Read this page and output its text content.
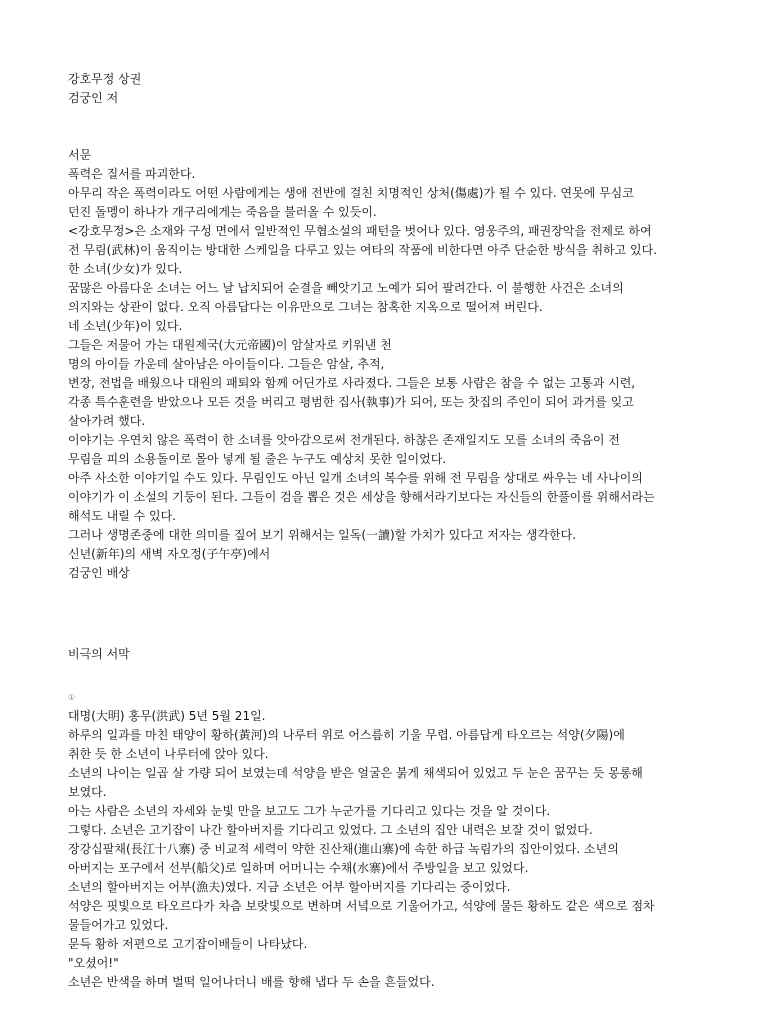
강호무정 상권

검궁인 저

서문

폭력은 질서를 파괴한다.

아무리 작은 폭력이라도 어떤 사람에게는 생애 전반에 걸친 치명적인 상처(傷處)가 될 수 있다. 연못에 무심코

던진 돌멩이 하나가 개구리에게는 죽음을 불러올 수 있듯이.

<강호무정>은 소재와 구성 면에서 일반적인 무협소설의 패턴을 벗어나 있다. 영웅주의, 패권장악을 전제로 하여

전 무림(武林)이 움직이는 방대한 스케일을 다루고 있는 여타의 작품에 비한다면 아주 단순한 방식을 취하고 있다.

한 소녀(少女)가 있다.

꿈많은 아름다운 소녀는 어느 날 납치되어 순결을 빼앗기고 노예가 되어 팔려간다. 이 불행한 사건은 소녀의

의지와는 상관이 없다. 오직 아름답다는 이유만으로 그녀는 참혹한 지옥으로 떨어져 버린다.

네 소년(少年)이 있다.

그들은 저물어 가는 대원제국(大元帝國)이 암살자로 키워낸 천

명의 아이들 가운데 살아남은 아이들이다. 그들은 암살, 추적,

변장, 전법을 배웠으나 대원의 패퇴와 함께 어딘가로 사라졌다. 그들은 보통 사람은 참을 수 없는 고통과 시련,

각종 특수훈련을 받았으나 모든 것을 버리고 평범한 집사(執事)가 되어, 또는 찻집의 주인이 되어 과거를 잊고

살아가려 했다.

이야기는 우연치 않은 폭력이 한 소녀를 앗아감으로써 전개된다. 하찮은 존재일지도 모를 소녀의 죽음이 전

무림을 피의 소용돌이로 몰아 넣게 될 줄은 누구도 예상치 못한 일이었다.

아주 사소한 이야기일 수도 있다. 무림인도 아닌 일개 소녀의 복수를 위해 전 무림을 상대로 싸우는 네 사나이의

이야기가 이 소설의 기둥이 된다. 그들이 검을 뽑은 것은 세상을 향해서라기보다는 자신들의 한풀이를 위해서라는

해석도 내릴 수 있다.

그러나 생명존중에 대한 의미를 짚어 보기 위해서는 일독(一讀)할 가치가 있다고 저자는 생각한다.

신년(新年)의 새벽 자오정(子午亭)에서

검궁인 배상

비극의 서막

①

대명(大明) 홍무(洪武) 5년 5월 21일.

하루의 일과를 마친 태양이 황하(黃河)의 나루터 위로 어스름히 기울 무렵. 아름답게 타오르는 석양(夕陽)에

취한 듯 한 소년이 나루터에 앉아 있다.

소년의 나이는 일곱 살 가량 되어 보였는데 석양을 받은 얼굴은 붉게 채색되어 있었고 두 눈은 꿈꾸는 듯 몽롱해

보였다.

아는 사람은 소년의 자세와 눈빛 만을 보고도 그가 누군가를 기다리고 있다는 것을 알 것이다.

그렇다. 소년은 고기잡이 나간 할아버지를 기다리고 있었다. 그 소년의 집안 내력은 보잘 것이 없었다.

장강십팔채(長江十八寨) 중 비교적 세력이 약한 진산채(進山寨)에 속한 하급 녹림가의 집안이었다. 소년의

아버지는 포구에서 선부(船父)로 일하며 어머니는 수채(水寨)에서 주방일을 보고 있었다.

소년의 할아버지는 어부(漁夫)였다. 지금 소년은 어부 할아버지를 기다리는 중이었다.

석양은 핏빛으로 타오르다가 차츰 보랏빛으로 변하며 서녘으로 기울어가고, 석양에 물든 황하도 같은 색으로 점차

물들어가고 있었다.

문득 황하 저편으로 고기잡이배들이 나타났다.

"오셨어!"

소년은 반색을 하며 벌떡 일어나더니 배를 향해 냅다 두 손을 흔들었다.
